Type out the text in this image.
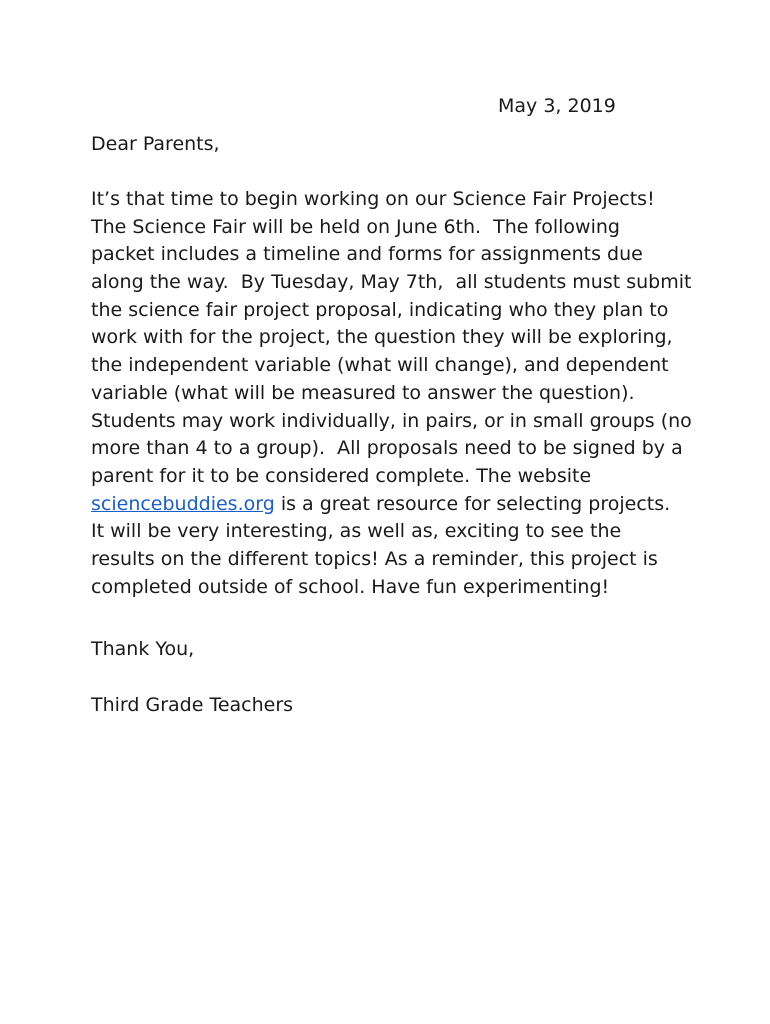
May 3, 2019
Dear Parents,
It’s that time to begin working on our Science Fair Projects!
The Science Fair will be held on June 6th.  The following
packet includes a timeline and forms for assignments due
along the way.  By Tuesday, May 7th,  all students must submit
the science fair project proposal, indicating who they plan to
work with for the project, the question they will be exploring,
the independent variable (what will change), and dependent
variable (what will be measured to answer the question).
Students may work individually, in pairs, or in small groups (no
more than 4 to a group).  All proposals need to be signed by a
parent for it to be considered complete. The website
sciencebuddies.org is a great resource for selecting projects.
It will be very interesting, as well as, exciting to see the
results on the different topics! As a reminder, this project is
completed outside of school. Have fun experimenting!
Thank You,
Third Grade Teachers
